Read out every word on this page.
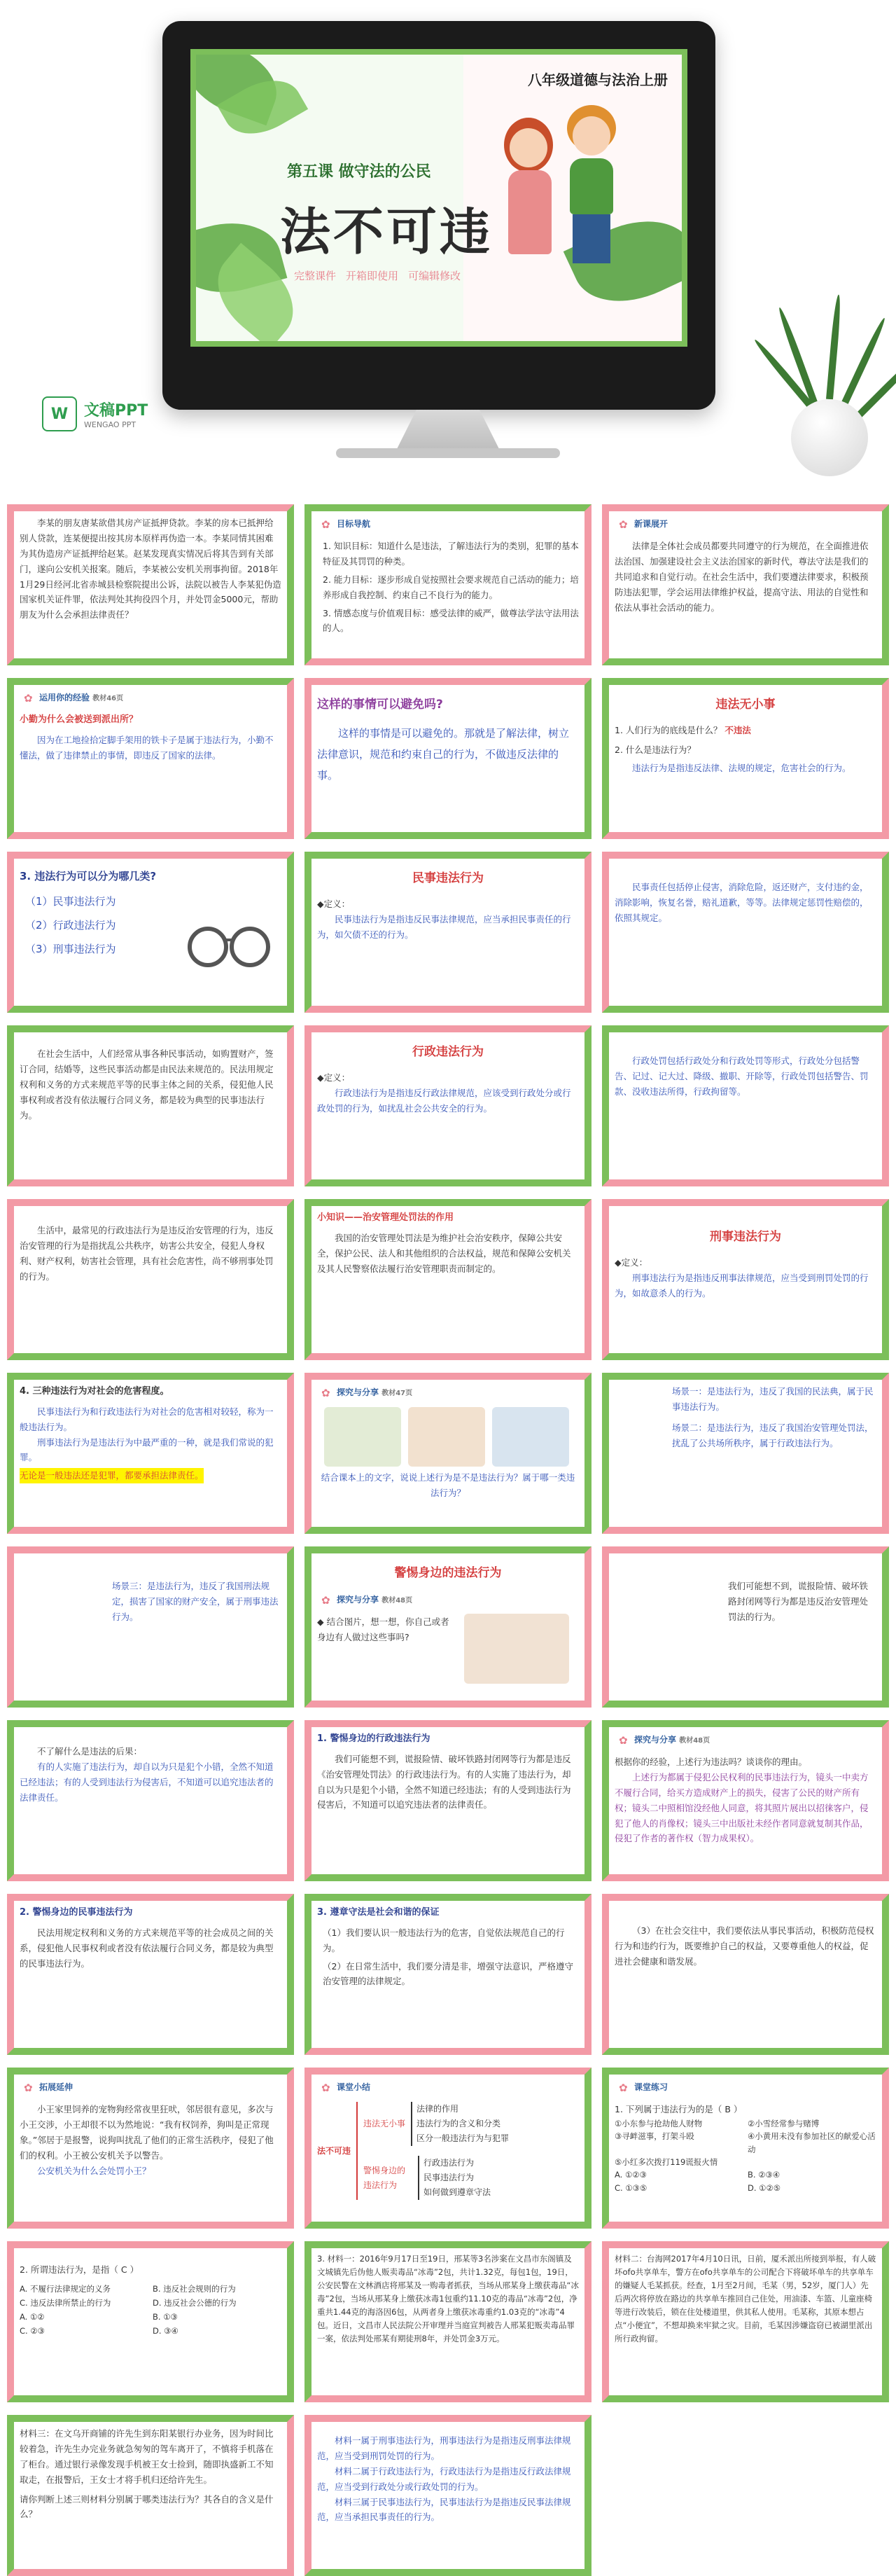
八年级道德与法治上册
第五课 做守法的公民
法不可违
完整课件 开箱即使用 可编辑修改
W	文稿PPT
WENGAO PPT

李某的朋友唐某欲借其房产证抵押贷款。李某的房本已抵押给别人贷款，连某便提出按其房本原样再伪造一本。李某同情其困难为其伪造房产证抵押给赵某。赵某发现真实情况后将其告到有关部门，遂向公安机关报案。随后，李某被公安机关刑事拘留。2018年1月29日经河北省赤城县检察院提出公诉，法院以被告人李某犯伪造国家机关证件罪，依法判处其拘役四个月，并处罚金5000元，帮助朋友为什么会承担法律责任？

✿ 目标导航
1. 知识目标：知道什么是违法，了解违法行为的类别，犯罪的基本特征及其罚罚的种类。
2. 能力目标：逐步形成自觉按照社会要求规范自己活动的能力；培养形成自我控制、约束自己不良行为的能力。
3. 情感态度与价值观目标：感受法律的威严，做尊法学法守法用法的人。
✿ 新课展开

法律是全体社会成员都要共同遵守的行为规范，在全面推进依法治国、加强建设社会主义法治国家的新时代，尊法守法是我们的共同追求和自觉行动。在社会生活中，我们要遵法律要求，积极预防违法犯罪，学会运用法律维护权益，提高守法、用法的自觉性和依法从事社会活动的能力。

✿ 运用你的经验 教材46页
小勤为什么会被送到派出所？

因为在工地捡拾定脚手架用的铁卡子是属于违法行为，小勤不懂法，做了违律禁止的事情，即违反了国家的法律。

这样的事情可以避免吗?

这样的事情是可以避免的。那就是了解法律，树立法律意识，规范和约束自己的行为，不做违反法律的事。

违法无小事
1. 人们行为的底线是什么？ 不违法
2. 什么是违法行为？

违法行为是指违反法律、法规的规定，危害社会的行为。

3. 违法行为可以分为哪几类?
（1）民事违法行为
（2）行政违法行为
（3）刑事违法行为
民事违法行为
◆定义：

民事违法行为是指违反民事法律规范，应当承担民事责任的行为，如欠债不还的行为。

民事责任包括停止侵害，消除危险，返还财产，支付违约金，消除影响，恢复名誉，赔礼道歉，等等。法律规定惩罚性赔偿的，依照其规定。

在社会生活中，人们经常从事各种民事活动，如购置财产，签订合同，结婚等，这些民事活动都是由民法来规范的。民法用规定权利和义务的方式来规范平等的民事主体之间的关系，侵犯他人民事权利或者没有依法履行合同义务，都是较为典型的民事违法行为。

行政违法行为
◆定义：

行政违法行为是指违反行政法律规范，应该受到行政处分或行政处罚的行为，如扰乱社会公共安全的行为。

行政处罚包括行政处分和行政处罚等形式，行政处分包括警告、记过、记大过、降级、撤职、开除等，行政处罚包括警告、罚款、没收违法所得，行政拘留等。

生活中，最常见的行政违法行为是违反治安管理的行为，违反治安管理的行为是指扰乱公共秩序，妨害公共安全，侵犯人身权利、财产权利，妨害社会管理，具有社会危害性，尚不够刑事处罚的行为。

小知识——治安管理处罚法的作用

我国的治安管理处罚法是为维护社会治安秩序，保障公共安全，保护公民、法人和其他组织的合法权益，规范和保障公安机关及其人民警察依法履行治安管理职责而制定的。

刑事违法行为
◆定义：

刑事违法行为是指违反刑事法律规范，应当受到刑罚处罚的行为，如故意杀人的行为。

4. 三种违法行为对社会的危害程度。

民事违法行为和行政违法行为对社会的危害相对较轻，称为一般违法行为。

刑事违法行为是违法行为中最严重的一种，就是我们常说的犯罪。

无论是一般违法还是犯罪，都要承担法律责任。
✿ 探究与分享 教材47页

结合课本上的文字，说说上述行为是不是违法行为？属于哪一类违法行为？

场景一：是违法行为，违反了我国的民法典，属于民事违法行为。

场景二：是违法行为，违反了我国治安管理处罚法，扰乱了公共场所秩序，属于行政违法行为。

场景三：是违法行为，违反了我国刑法规定，损害了国家的财产安全，属于刑事违法行为。

警惕身边的违法行为
✿ 探究与分享 教材48页

◆ 结合图片，想一想，你自己或者身边有人做过这些事吗?

我们可能想不到，谎报险情、破坏铁路封闭网等行为都是违反治安管理处罚法的行为。

不了解什么是违法的后果：

有的人实施了违法行为，却自以为只是犯个小错，全然不知道已经违法；有的人受到违法行为侵害后，不知道可以追究违法者的法律责任。

1. 警惕身边的行政违法行为

我们可能想不到，谎报险情、破坏铁路封闭网等行为都是违反《治安管理处罚法》的行政违法行为。有的人实施了违法行为，却自以为只是犯个小错，全然不知道已经违法；有的人受到违法行为侵害后，不知道可以追究违法者的法律责任。

✿ 探究与分享 教材48页
根据你的经验，上述行为违法吗？谈谈你的理由。

上述行为都属于侵犯公民权利的民事违法行为，镜头一中卖方不履行合同，给买方造成财产上的损失，侵害了公民的财产所有权；镜头二中照相馆没经他人同意，将其照片展出以招徕客户，侵犯了他人的肖像权；镜头三中出版社未经作者同意就复制其作品，侵犯了作者的著作权（智力成果权）。

2. 警惕身边的民事违法行为

民法用规定权利和义务的方式来规范平等的社会成员之间的关系，侵犯他人民事权利或者没有依法履行合同义务，都是较为典型的民事违法行为。

3. 遵章守法是社会和谐的保证
（1）我们要认识一般违法行为的危害，自觉依法规范自己的行为。
（2）在日常生活中，我们要分清是非，增强守法意识，严格遵守治安管理的法律规定。

（3）在社会交往中，我们要依法从事民事活动，积极防范侵权行为和违约行为，既要维护自己的权益，又要尊重他人的权益，促进社会健康和谐发展。

✿ 拓展延伸

小王家里饲养的宠物狗经常夜里狂吠，邻居很有意见，多次与小王交涉，小王却很不以为然地说：“我有权饲养，狗叫是正常现象。”邻居于是报警，说狗叫扰乱了他们的正常生活秩序，侵犯了他们的权利。小王被公安机关予以警告。

公安机关为什么会处罚小王？

✿ 课堂小结
法不可违
违法无小事
法律的作用
违法行为的含义和分类
区分一般违法行为与犯罪
警惕身边的违法行为
行政违法行为
民事违法行为
如何做到遵章守法
✿ 课堂练习
1. 下列属于违法行为的是（ B ）
①小东参与抢劫他人财物	②小雪经常参与赌博
③寻衅滋事，打架斗殴	④小黄用未没有参加社区的献爱心活动
⑤小红多次拨打119谎报火情
A. ①②③	B. ②③④
C. ①③⑤	D. ①②⑤
2. 所谓违法行为，是指（ C ）
A. 不履行法律规定的义务	B. 违反社会规则的行为
C. 违反法律所禁止的行为	D. 违反社会公德的行为
A. ①②	B. ①③
C. ②③	D. ③④

3. 材料一：2016年9月17日至19日，邢某等3名涉案在文昌市东阁镇及文城镇先后伪他人贩卖毒品“冰毒”2包，共计1.32克，每包1包，19日，公安民警在文林酒店将邢某及一购毒者抓获，当场从邢某身上缴获毒品“冰毒”2包，当场从邢某身上缴获冰毒1包重约11.10克的毒品“冰毒”2包，净重共1.44克的海洛因6包，从两者身上缴获冰毒重约1.03克的“冰毒”4包。近日，文昌市人民法院公开审理并当庭宣判被告人邢某犯贩卖毒品罪一案，依法判处邢某有期徒刑8年，并处罚金3万元。

材料二：台海网2017年4月10日讯，日前，厦禾派出所接到举报，有人破坏ofo共享单车，警方在ofo共享单车的公司配合下将破坏单车的共享单车的嫌疑人毛某抓获。经查，1月至2月间，毛某（男，52岁，厦门人）先后两次将停放在路边的共享单车推回自己住处，用油漆、车篮、儿童座椅等进行改装后，锁在住处楼道里，供其私人使用。毛某称，其原本想占点“小便宜”，不想却换来牢狱之灾。目前，毛某因涉嫌盗窃已被湖里派出所行政拘留。

材料三：在文乌开商铺的许先生到东阳某银行办业务，因为时间比较着急，许先生办完业务就急匆匆的驾车离开了，不慎将手机落在了柜台。通过银行录像发现手机被王女士捡到，随即执盛新工不知取走，在报警后，王女士才将手机归还给许先生。

请你判断上述三则材料分别属于哪类违法行为？其各自的含义是什么？

材料一属于刑事违法行为，刑事违法行为是指违反刑事法律规范，应当受到刑罚处罚的行为。

材料二属于行政违法行为，行政违法行为是指违反行政法律规范，应当受到行政处分或行政处罚的行为。

材料三属于民事违法行为，民事违法行为是指违反民事法律规范，应当承担民事责任的行为。
